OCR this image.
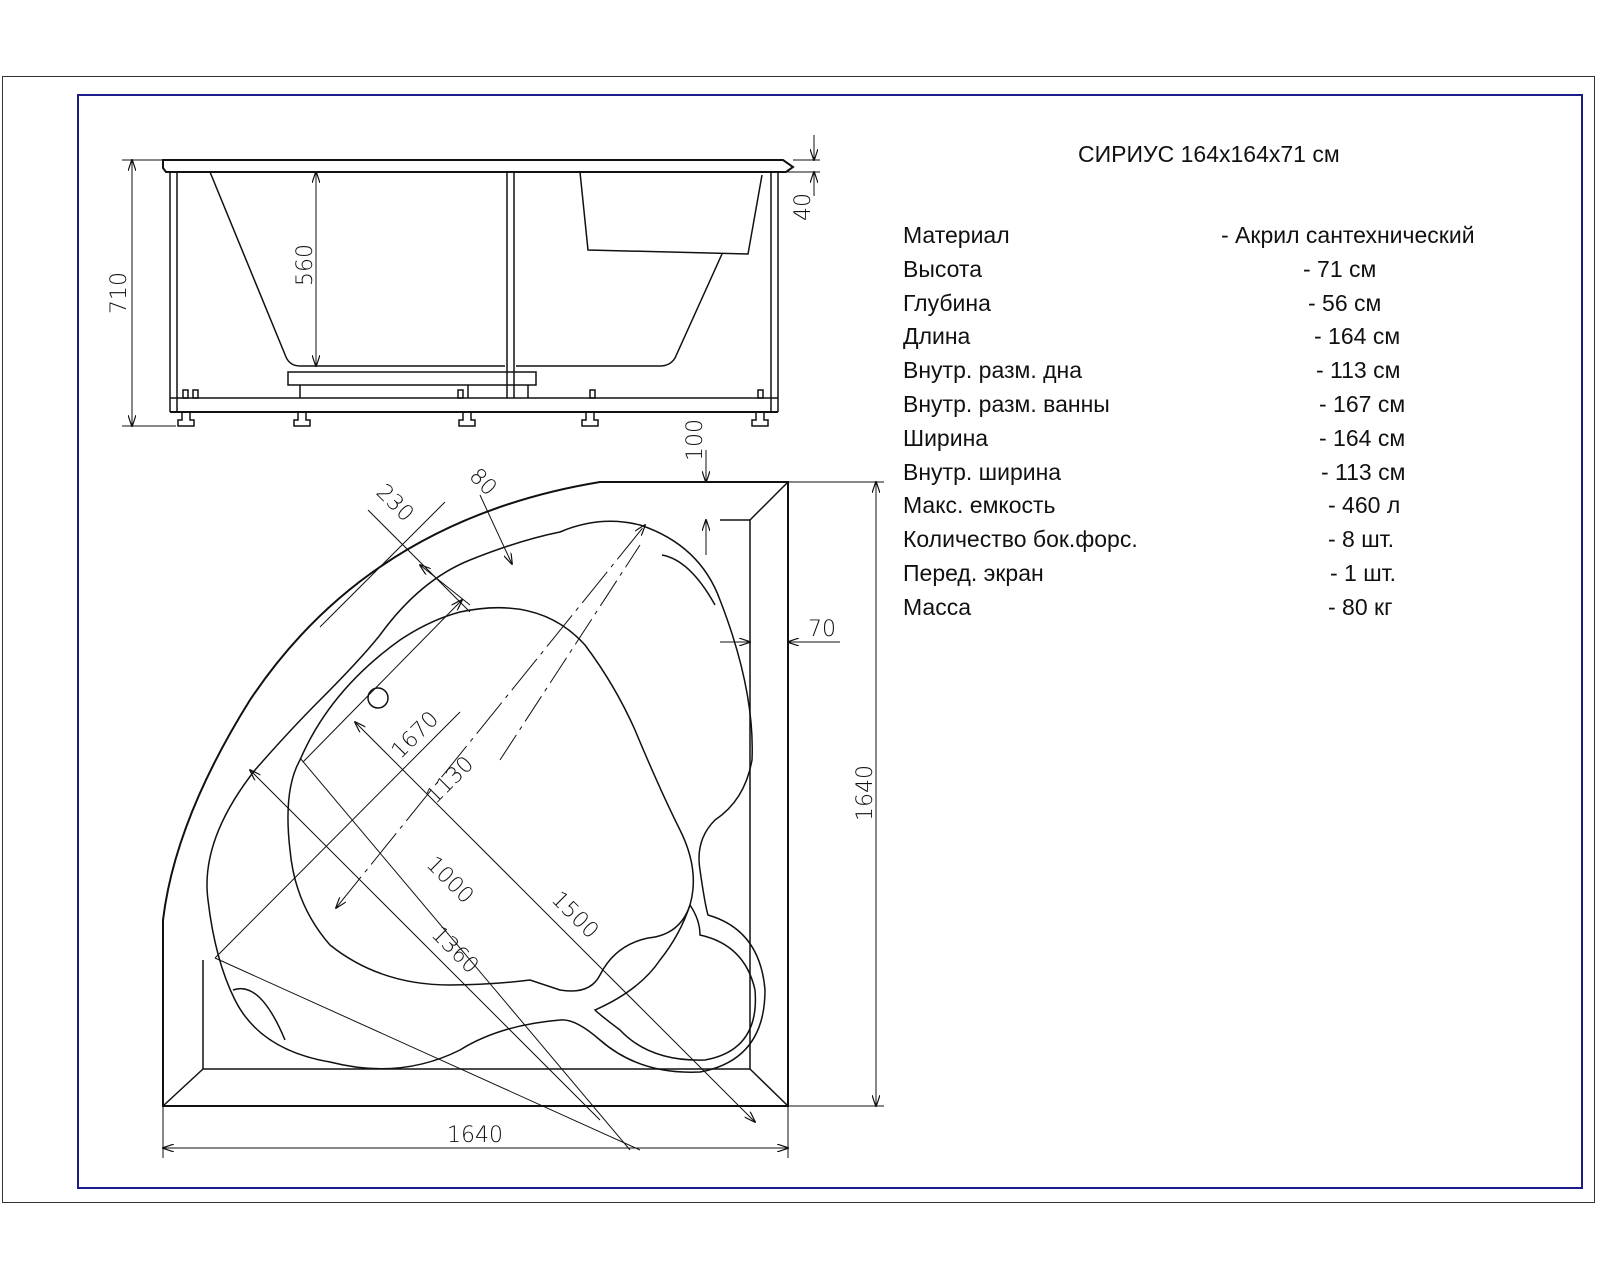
710
560
40
1640
1640
100
70
230 80
1670
1130
1000
1500
1360
СИРИУС 164x164x71 см
Материал	- Акрил сантехнический
Высота	- 71 см
Глубина	- 56 см
Длина	- 164 см
Внутр. разм. дна	- 113 см
Внутр. разм. ванны	- 167 см
Ширина	- 164 см
Внутр. ширина	- 113 см
Макс. емкость	- 460 л
Количество бок.форс.	- 8 шт.
Перед. экран	- 1 шт.
Масса	- 80 кг
